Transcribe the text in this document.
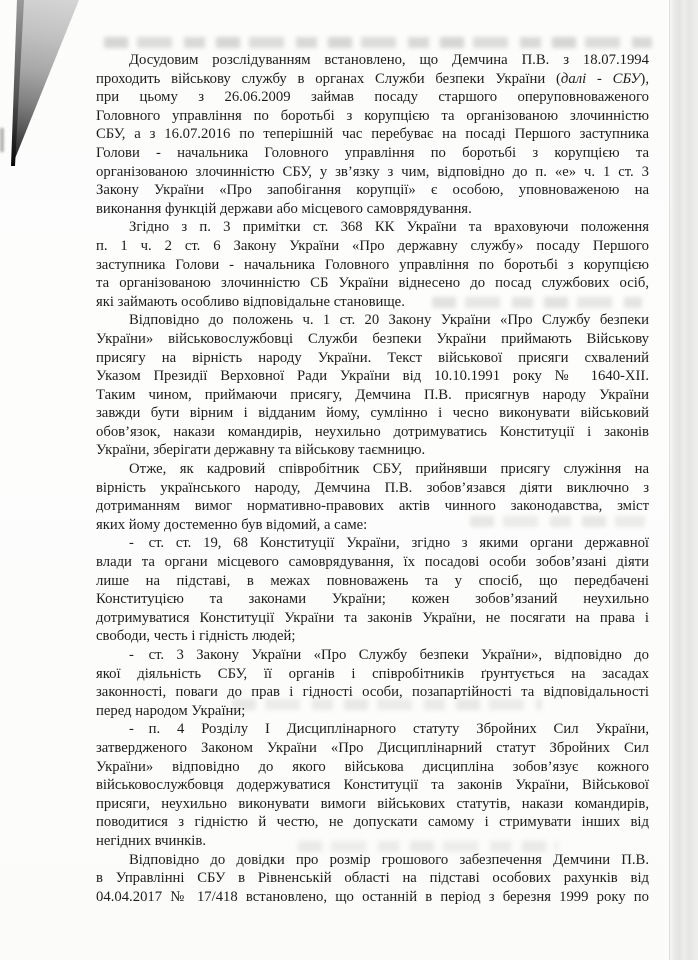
Досудовим розслідуванням встановлено, що Демчина П.В. з 18.07.1994
проходить військову службу в органах Служби безпеки України (далі - СБУ),
при цьому з 26.06.2009 займав посаду старшого оперуповноваженого
Головного управління по боротьбі з корупцією та організованою злочинністю
СБУ, а з 16.07.2016 по теперішній час перебуває на посаді Першого заступника
Голови - начальника Головного управління по боротьбі з корупцією та
організованою злочинністю СБУ, у зв’язку з чим, відповідно до п. «е» ч. 1 ст. 3
Закону України «Про запобігання корупції» є особою, уповноваженою на
виконання функцій держави або місцевого самоврядування.
Згідно з п. 3 примітки ст. 368 КК України та враховуючи положення
п. 1 ч. 2 ст. 6 Закону України «Про державну службу» посаду Першого
заступника Голови - начальника Головного управління по боротьбі з корупцією
та організованою злочинністю СБ України віднесено до посад службових осіб,
які займають особливо відповідальне становище.
Відповідно до положень ч. 1 ст. 20 Закону України «Про Службу безпеки
України» військовослужбовці Служби безпеки України приймають Військову
присягу на вірність народу України. Текст військової присяги схвалений
Указом Президії Верховної Ради України від 10.10.1991 року № 1640-XII.
Таким чином, приймаючи присягу, Демчина П.В. присягнув народу України
завжди бути вірним і відданим йому, сумлінно і чесно виконувати військовий
обов’язок, накази командирів, неухильно дотримуватись Конституції і законів
України, зберігати державну та військову таємницю.
Отже, як кадровий співробітник СБУ, прийнявши присягу служіння на
вірність українського народу, Демчина П.В. зобов’язався діяти виключно з
дотриманням вимог нормативно-правових актів чинного законодавства, зміст
яких йому достеменно був відомий, а саме:
- ст. ст. 19, 68 Конституції України, згідно з якими органи державної
влади та органи місцевого самоврядування, їх посадові особи зобов’язані діяти
лише на підставі, в межах повноважень та у спосіб, що передбачені
Конституцією та законами України; кожен зобов’язаний неухильно
дотримуватися Конституції України та законів України, не посягати на права і
свободи, честь і гідність людей;
- ст. 3 Закону України «Про Службу безпеки України», відповідно до
якої діяльність СБУ, її органів і співробітників ґрунтується на засадах
законності, поваги до прав і гідності особи, позапартійності та відповідальності
перед народом України;
- п. 4 Розділу I Дисциплінарного статуту Збройних Сил України,
затвердженого Законом України «Про Дисциплінарний статут Збройних Сил
України» відповідно до якого військова дисципліна зобов’язує кожного
військовослужбовця додержуватися Конституції та законів України, Військової
присяги, неухильно виконувати вимоги військових статутів, накази командирів,
поводитися з гідністю й честю, не допускати самому і стримувати інших від
негідних вчинків.
Відповідно до довідки про розмір грошового забезпечення Демчини П.В.
в Управлінні СБУ в Рівненській області на підставі особових рахунків від
04.04.2017 № 17/418 встановлено, що останній в період з березня 1999 року по
